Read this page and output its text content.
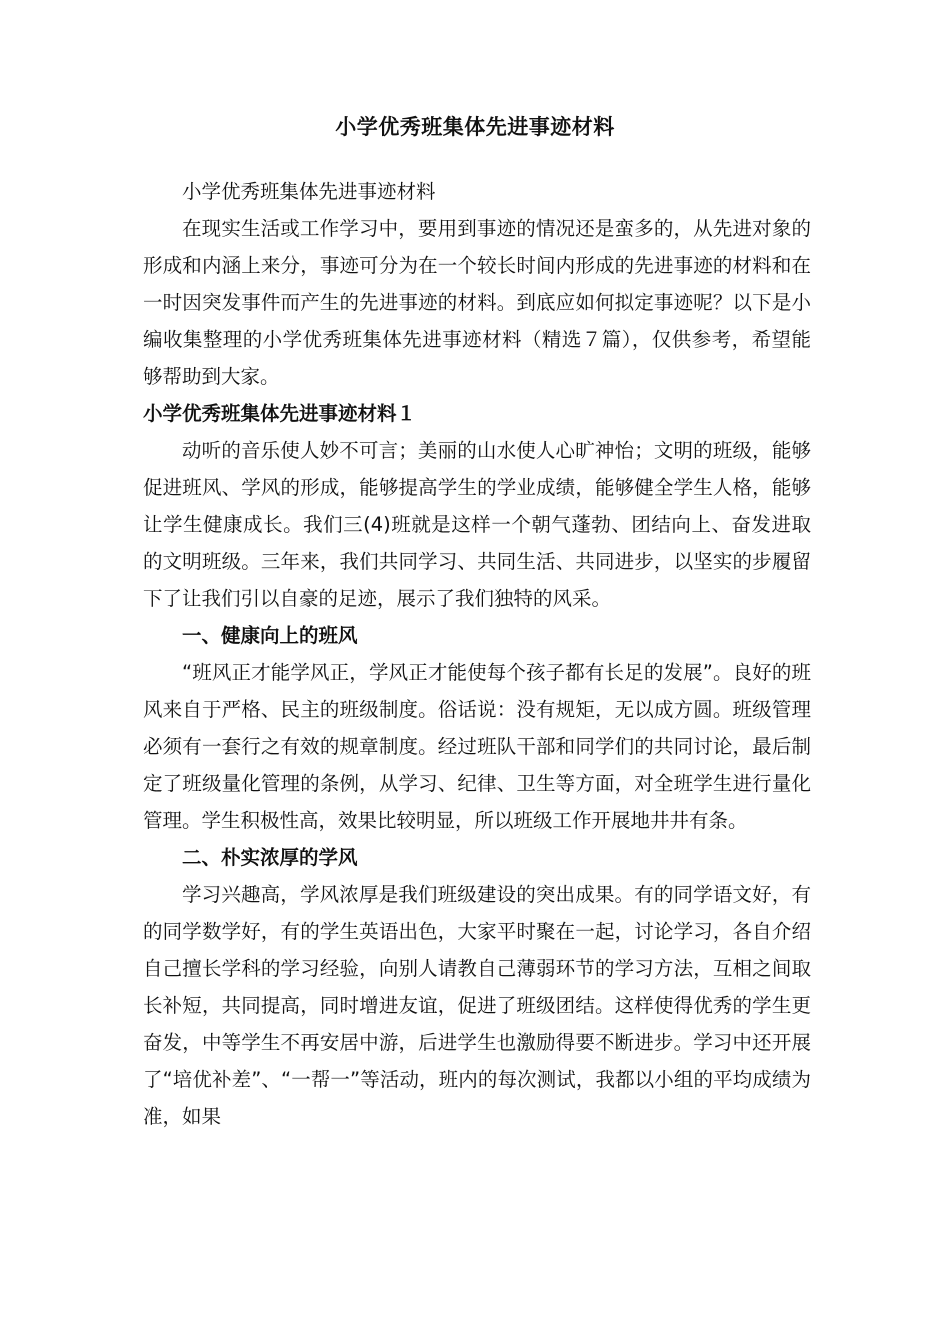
小学优秀班集体先进事迹材料

小学优秀班集体先进事迹材料

在现实生活或工作学习中，要用到事迹的情况还是蛮多的，从先进对象的形成和内涵上来分，事迹可分为在一个较长时间内形成的先进事迹的材料和在一时因突发事件而产生的先进事迹的材料。到底应如何拟定事迹呢？以下是小编收集整理的小学优秀班集体先进事迹材料（精选７篇），仅供参考，希望能够帮助到大家。

小学优秀班集体先进事迹材料１

动听的音乐使人妙不可言；美丽的山水使人心旷神怡；文明的班级，能够促进班风、学风的形成，能够提高学生的学业成绩，能够健全学生人格，能够让学生健康成长。我们三(4)班就是这样一个朝气蓬勃、团结向上、奋发进取的文明班级。三年来，我们共同学习、共同生活、共同进步，以坚实的步履留下了让我们引以自豪的足迹，展示了我们独特的风采。

一、健康向上的班风

“班风正才能学风正，学风正才能使每个孩子都有长足的发展”。良好的班风来自于严格、民主的班级制度。俗话说：没有规矩，无以成方圆。班级管理必须有一套行之有效的规章制度。经过班队干部和同学们的共同讨论，最后制定了班级量化管理的条例，从学习、纪律、卫生等方面，对全班学生进行量化管理。学生积极性高，效果比较明显，所以班级工作开展地井井有条。

二、朴实浓厚的学风

学习兴趣高，学风浓厚是我们班级建设的突出成果。有的同学语文好，有的同学数学好，有的学生英语出色，大家平时聚在一起，讨论学习，各自介绍自己擅长学科的学习经验，向别人请教自己薄弱环节的学习方法，互相之间取长补短，共同提高，同时增进友谊，促进了班级团结。这样使得优秀的学生更奋发，中等学生不再安居中游，后进学生也激励得要不断进步。学习中还开展了“培优补差”、“一帮一”等活动，班内的每次测试，我都以小组的平均成绩为准，如果
